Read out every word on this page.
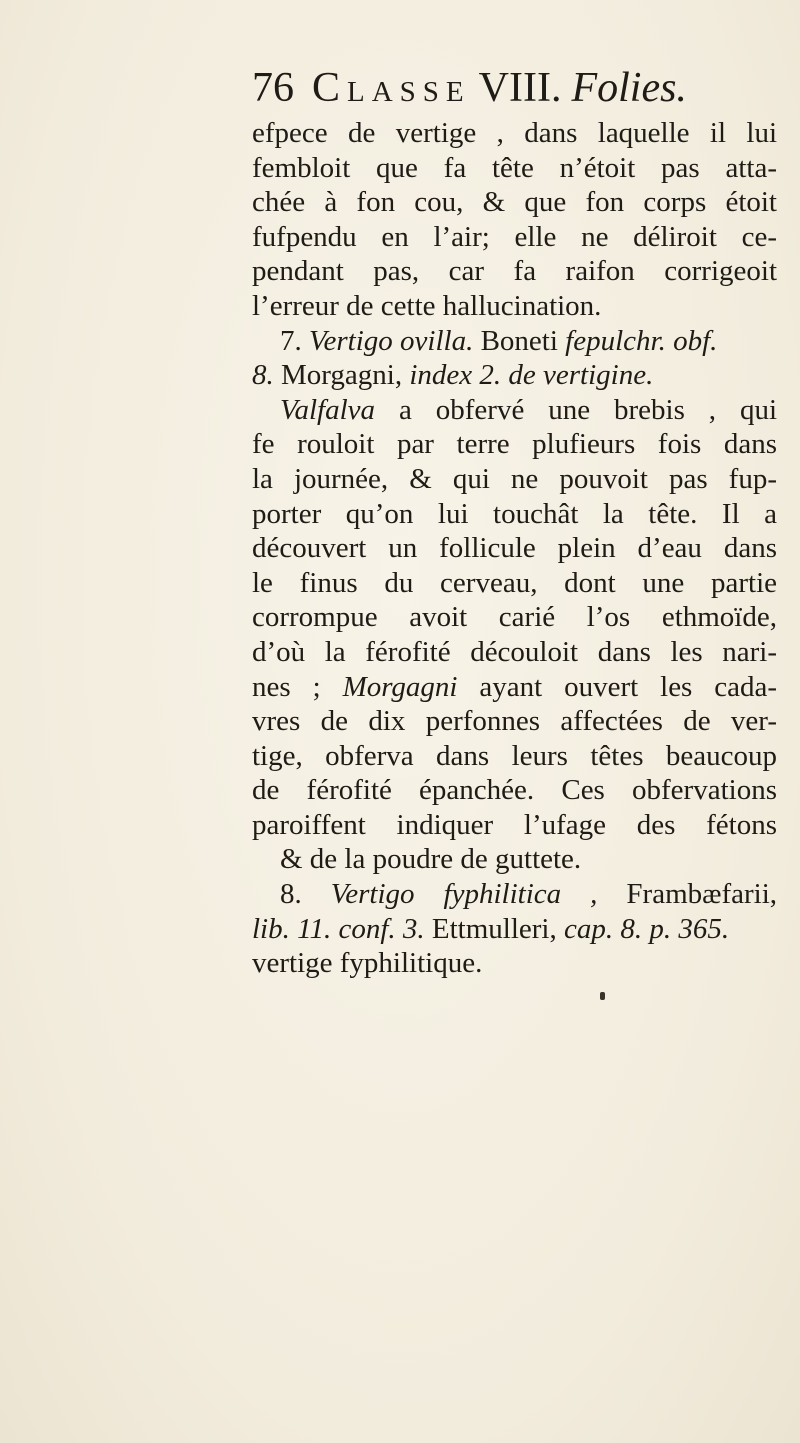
76 Classe VIII. Folies.
efpece de vertige , dans laquelle il lui
fembloit que fa tête n’étoit pas atta-
chée à fon cou, & que fon corps étoit
fufpendu en l’air; elle ne déliroit ce-
pendant pas, car fa raifon corrigeoit
l’erreur de cette hallucination.
7. Vertigo ovilla. Boneti fepulchr. obf.
8. Morgagni, index 2. de vertigine.
Valfalva a obfervé une brebis , qui
fe rouloit par terre plufieurs fois dans
la journée, & qui ne pouvoit pas fup-
porter qu’on lui touchât la tête. Il a
découvert un follicule plein d’eau dans
le finus du cerveau, dont une partie
corrompue avoit carié l’os ethmoïde,
d’où la férofité découloit dans les nari-
nes ; Morgagni ayant ouvert les cada-
vres de dix perfonnes affectées de ver-
tige, obferva dans leurs têtes beaucoup
de férofité épanchée. Ces obfervations
paroiffent indiquer l’ufage des fétons
& de la poudre de guttete.
8. Vertigo fyphilitica , Frambæfarii,
lib. 11. conf. 3. Ettmulleri, cap. 8. p. 365.
vertige fyphilitique.
